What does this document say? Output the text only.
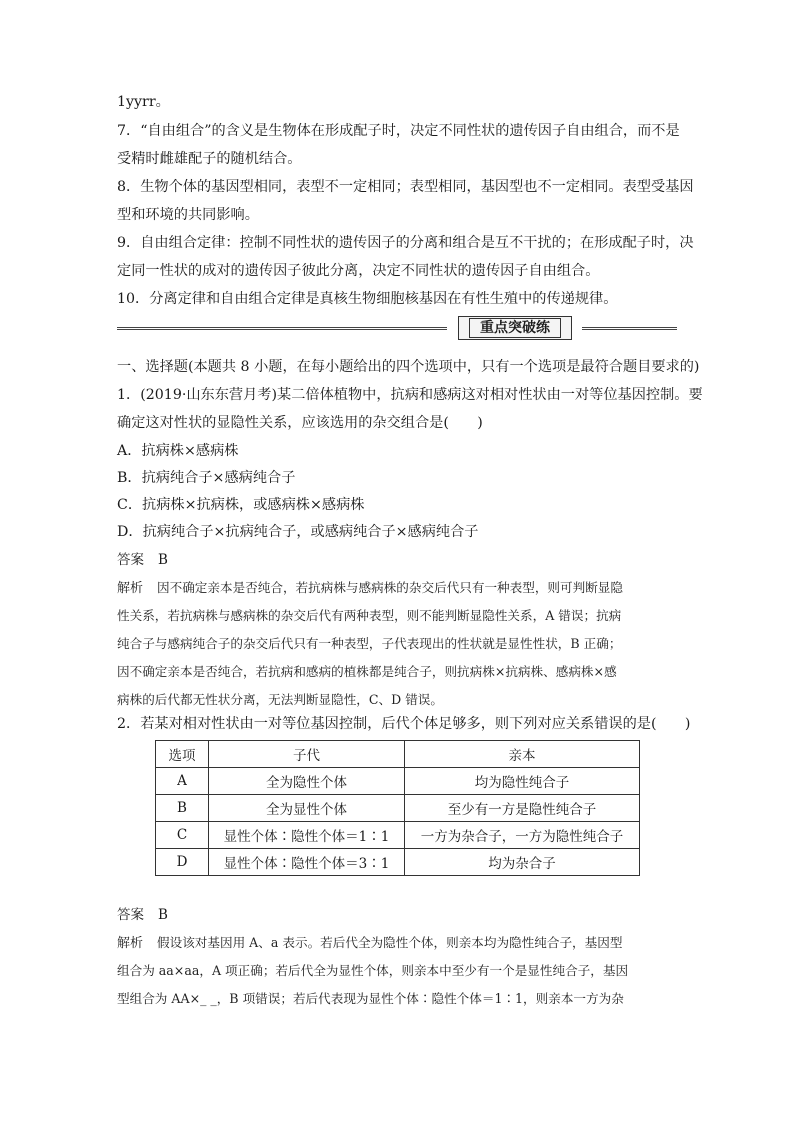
1yyrr。
7．“自由组合”的含义是生物体在形成配子时，决定不同性状的遗传因子自由组合，而不是
受精时雌雄配子的随机结合。
8．生物个体的基因型相同，表型不一定相同；表型相同，基因型也不一定相同。表型受基因
型和环境的共同影响。
9．自由组合定律：控制不同性状的遗传因子的分离和组合是互不干扰的；在形成配子时，决
定同一性状的成对的遗传因子彼此分离，决定不同性状的遗传因子自由组合。
10．分离定律和自由组合定律是真核生物细胞核基因在有性生殖中的传递规律。
重点突破练
一、选择题(本题共 8 小题，在每小题给出的四个选项中，只有一个选项是最符合题目要求的)
1．(2019·山东东营月考)某二倍体植物中，抗病和感病这对相对性状由一对等位基因控制。要
确定这对性状的显隐性关系，应该选用的杂交组合是(　　)
A．抗病株×感病株
B．抗病纯合子×感病纯合子
C．抗病株×抗病株，或感病株×感病株
D．抗病纯合子×抗病纯合子，或感病纯合子×感病纯合子
答案 B
解析 因不确定亲本是否纯合，若抗病株与感病株的杂交后代只有一种表型，则可判断显隐
性关系，若抗病株与感病株的杂交后代有两种表型，则不能判断显隐性关系，A 错误；抗病
纯合子与感病纯合子的杂交后代只有一种表型，子代表现出的性状就是显性性状，B 正确；
因不确定亲本是否纯合，若抗病和感病的植株都是纯合子，则抗病株×抗病株、感病株×感
病株的后代都无性状分离，无法判断显隐性，C、D 错误。
2．若某对相对性状由一对等位基因控制，后代个体足够多，则下列对应关系错误的是(　　)
选项	子代	亲本
A	全为隐性个体	均为隐性纯合子
B	全为显性个体	至少有一方是隐性纯合子
C	显性个体∶隐性个体＝1∶1	一方为杂合子，一方为隐性纯合子
D	显性个体∶隐性个体＝3∶1	均为杂合子
答案 B
解析 假设该对基因用 A、a 表示。若后代全为隐性个体，则亲本均为隐性纯合子，基因型
组合为 aa×aa，A 项正确；若后代全为显性个体，则亲本中至少有一个是显性纯合子，基因
型组合为 AA×_ _，B 项错误；若后代表现为显性个体∶隐性个体＝1∶1，则亲本一方为杂
